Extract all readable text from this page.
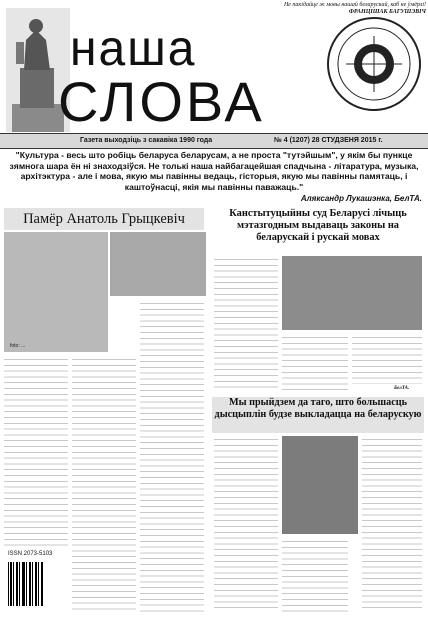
Не пакідайце ж мовы нашай беларускай, каб не ўмёрлі!
ФРАНЦІШАК БАГУШЭВІЧ
наша
СЛОВА
Газета выходзіць з сакавіка 1990 года	№ 4 (1207) 28 СТУДЗЕНЯ 2015 г.
"Культура - весь што робіць беларуса беларусам, а не проста "тутэйшым", у якім бы пункце зямнога шара ён ні знаходзіўся. Не толькі наша найбагацейшая спадчына - літаратура, музыка, архітэктура - але і мова, якую мы павінны ведаць, гісторыя, якую мы павінны памятаць, і каштоўнасці, якія мы павінны паважаць."
Аляксандр Лукашэнка, БелТА.
Памёр Анатоль Грыцкевіч
foto: ...
Канстытуцыйны суд Беларусі лічыць мэтазгодным выдаваць законы на беларускай і рускай мовах
БелТА.
Мы прыйдзем да таго, што большасць дысцыплін будзе выкладацца на беларускую
ISSN 2073-5103
